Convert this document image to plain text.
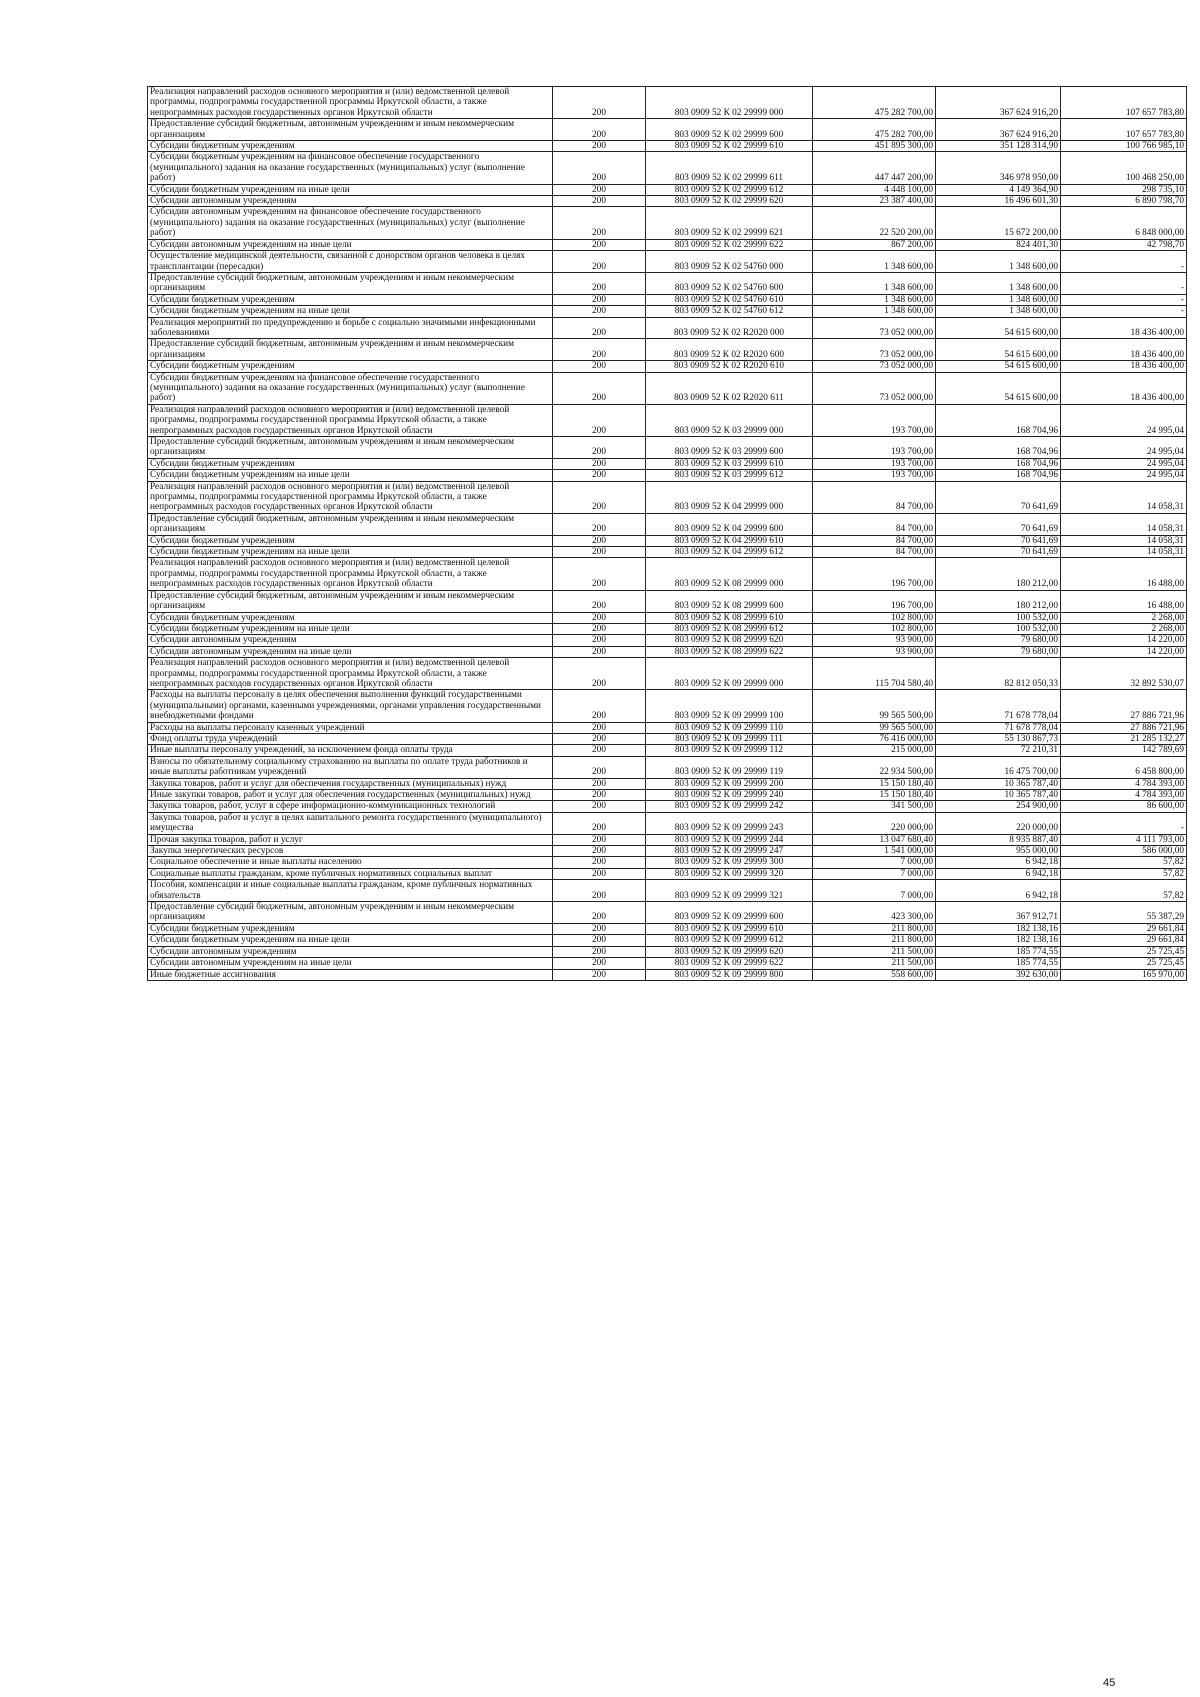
Реализация направлений расходов основного мероприятия и (или) ведомственной целевой программы, подпрограммы государственной программы Иркутской области, а также непрограммных расходов государственных органов Иркутской области	200	803 0909 52 К 02 29999 000	475 282 700,00	367 624 916,20	107 657 783,80
Предоставление субсидий бюджетным, автономным учреждениям и иным некоммерческим организациям	200	803 0909 52 К 02 29999 600	475 282 700,00	367 624 916,20	107 657 783,80
Субсидии бюджетным учреждениям	200	803 0909 52 К 02 29999 610	451 895 300,00	351 128 314,90	100 766 985,10
Субсидии бюджетным учреждениям на финансовое обеспечение государственного (муниципального) задания на оказание государственных (муниципальных) услуг (выполнение работ)	200	803 0909 52 К 02 29999 611	447 447 200,00	346 978 950,00	100 468 250,00
Субсидии бюджетным учреждениям на иные цели	200	803 0909 52 К 02 29999 612	4 448 100,00	4 149 364,90	298 735,10
Субсидии автономным учреждениям	200	803 0909 52 К 02 29999 620	23 387 400,00	16 496 601,30	6 890 798,70
Субсидии автономным учреждениям на финансовое обеспечение государственного (муниципального) задания на оказание государственных (муниципальных) услуг (выполнение работ)	200	803 0909 52 К 02 29999 621	22 520 200,00	15 672 200,00	6 848 000,00
Субсидии автономным учреждениям на иные цели	200	803 0909 52 К 02 29999 622	867 200,00	824 401,30	42 798,70
Осуществление медицинской деятельности, связанной с донорством органов человека в целях трансплантации (пересадки)	200	803 0909 52 К 02 54760 000	1 348 600,00	1 348 600,00	-
Предоставление субсидий бюджетным, автономным учреждениям и иным некоммерческим организациям	200	803 0909 52 К 02 54760 600	1 348 600,00	1 348 600,00	-
Субсидии бюджетным учреждениям	200	803 0909 52 К 02 54760 610	1 348 600,00	1 348 600,00	-
Субсидии бюджетным учреждениям на иные цели	200	803 0909 52 К 02 54760 612	1 348 600,00	1 348 600,00	-
Реализация мероприятий по предупреждению и борьбе с социально значимыми инфекционными заболеваниями	200	803 0909 52 К 02 R2020 000	73 052 000,00	54 615 600,00	18 436 400,00
Предоставление субсидий бюджетным, автономным учреждениям и иным некоммерческим организациям	200	803 0909 52 К 02 R2020 600	73 052 000,00	54 615 600,00	18 436 400,00
Субсидии бюджетным учреждениям	200	803 0909 52 К 02 R2020 610	73 052 000,00	54 615 600,00	18 436 400,00
Субсидии бюджетным учреждениям на финансовое обеспечение государственного (муниципального) задания на оказание государственных (муниципальных) услуг (выполнение работ)	200	803 0909 52 К 02 R2020 611	73 052 000,00	54 615 600,00	18 436 400,00
Реализация направлений расходов основного мероприятия и (или) ведомственной целевой программы, подпрограммы государственной программы Иркутской области, а также непрограммных расходов государственных органов Иркутской области	200	803 0909 52 К 03 29999 000	193 700,00	168 704,96	24 995,04
Предоставление субсидий бюджетным, автономным учреждениям и иным некоммерческим организациям	200	803 0909 52 К 03 29999 600	193 700,00	168 704,96	24 995,04
Субсидии бюджетным учреждениям	200	803 0909 52 К 03 29999 610	193 700,00	168 704,96	24 995,04
Субсидии бюджетным учреждениям на иные цели	200	803 0909 52 К 03 29999 612	193 700,00	168 704,96	24 995,04
Реализация направлений расходов основного мероприятия и (или) ведомственной целевой программы, подпрограммы государственной программы Иркутской области, а также непрограммных расходов государственных органов Иркутской области	200	803 0909 52 К 04 29999 000	84 700,00	70 641,69	14 058,31
Предоставление субсидий бюджетным, автономным учреждениям и иным некоммерческим организациям	200	803 0909 52 К 04 29999 600	84 700,00	70 641,69	14 058,31
Субсидии бюджетным учреждениям	200	803 0909 52 К 04 29999 610	84 700,00	70 641,69	14 058,31
Субсидии бюджетным учреждениям на иные цели	200	803 0909 52 К 04 29999 612	84 700,00	70 641,69	14 058,31
Реализация направлений расходов основного мероприятия и (или) ведомственной целевой программы, подпрограммы государственной программы Иркутской области, а также непрограммных расходов государственных органов Иркутской области	200	803 0909 52 К 08 29999 000	196 700,00	180 212,00	16 488,00
Предоставление субсидий бюджетным, автономным учреждениям и иным некоммерческим организациям	200	803 0909 52 К 08 29999 600	196 700,00	180 212,00	16 488,00
Субсидии бюджетным учреждениям	200	803 0909 52 К 08 29999 610	102 800,00	100 532,00	2 268,00
Субсидии бюджетным учреждениям на иные цели	200	803 0909 52 К 08 29999 612	102 800,00	100 532,00	2 268,00
Субсидии автономным учреждениям	200	803 0909 52 К 08 29999 620	93 900,00	79 680,00	14 220,00
Субсидии автономным учреждениям на иные цели	200	803 0909 52 К 08 29999 622	93 900,00	79 680,00	14 220,00
Реализация направлений расходов основного мероприятия и (или) ведомственной целевой программы, подпрограммы государственной программы Иркутской области, а также непрограммных расходов государственных органов Иркутской области	200	803 0909 52 К 09 29999 000	115 704 580,40	82 812 050,33	32 892 530,07
Расходы на выплаты персоналу в целях обеспечения выполнения функций государственными (муниципальными) органами, казенными учреждениями, органами управления государственными внебюджетными фондами	200	803 0909 52 К 09 29999 100	99 565 500,00	71 678 778,04	27 886 721,96
Расходы на выплаты персоналу казенных учреждений	200	803 0909 52 К 09 29999 110	99 565 500,00	71 678 778,04	27 886 721,96
Фонд оплаты труда учреждений	200	803 0909 52 К 09 29999 111	76 416 000,00	55 130 867,73	21 285 132,27
Иные выплаты персоналу учреждений, за исключением фонда оплаты труда	200	803 0909 52 К 09 29999 112	215 000,00	72 210,31	142 789,69
Взносы по обязательному социальному страхованию на выплаты по оплате труда работников и иные выплаты работникам учреждений	200	803 0909 52 К 09 29999 119	22 934 500,00	16 475 700,00	6 458 800,00
Закупка товаров, работ и услуг для обеспечения государственных (муниципальных) нужд	200	803 0909 52 К 09 29999 200	15 150 180,40	10 365 787,40	4 784 393,00
Иные закупки товаров, работ и услуг для обеспечения государственных (муниципальных) нужд	200	803 0909 52 К 09 29999 240	15 150 180,40	10 365 787,40	4 784 393,00
Закупка товаров, работ, услуг в сфере информационно-коммуникационных технологий	200	803 0909 52 К 09 29999 242	341 500,00	254 900,00	86 600,00
Закупка товаров, работ и услуг в целях капитального ремонта государственного (муниципального) имущества	200	803 0909 52 К 09 29999 243	220 000,00	220 000,00	-
Прочая закупка товаров, работ и услуг	200	803 0909 52 К 09 29999 244	13 047 680,40	8 935 887,40	4 111 793,00
Закупка энергетических ресурсов	200	803 0909 52 К 09 29999 247	1 541 000,00	955 000,00	586 000,00
Социальное обеспечение и иные выплаты населению	200	803 0909 52 К 09 29999 300	7 000,00	6 942,18	57,82
Социальные выплаты гражданам, кроме публичных нормативных социальных выплат	200	803 0909 52 К 09 29999 320	7 000,00	6 942,18	57,82
Пособия, компенсации и иные социальные выплаты гражданам, кроме публичных нормативных обязательств	200	803 0909 52 К 09 29999 321	7 000,00	6 942,18	57,82
Предоставление субсидий бюджетным, автономным учреждениям и иным некоммерческим организациям	200	803 0909 52 К 09 29999 600	423 300,00	367 912,71	55 387,29
Субсидии бюджетным учреждениям	200	803 0909 52 К 09 29999 610	211 800,00	182 138,16	29 661,84
Субсидии бюджетным учреждениям на иные цели	200	803 0909 52 К 09 29999 612	211 800,00	182 138,16	29 661,84
Субсидии автономным учреждениям	200	803 0909 52 К 09 29999 620	211 500,00	185 774,55	25 725,45
Субсидии автономным учреждениям на иные цели	200	803 0909 52 К 09 29999 622	211 500,00	185 774,55	25 725,45
Иные бюджетные ассигнования	200	803 0909 52 К 09 29999 800	558 600,00	392 630,00	165 970,00
45
